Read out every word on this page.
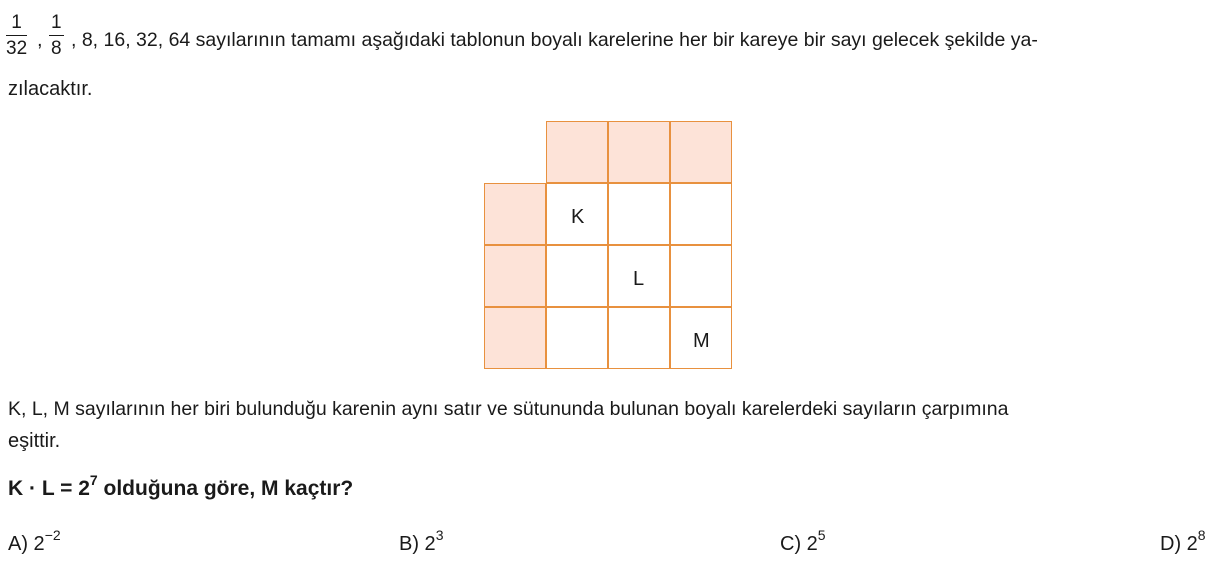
$\frac{1}{32}$ , $\frac{1}{8}$ , 8, 16, 32, 64 sayılarının tamamı aşağıdaki tablonun boyalı karelerine her bir kareye bir sayı gelecek şekilde ya-
zılacaktır.
K
L
M
K, L, M sayılarının her biri bulunduğu karenin aynı satır ve sütununda bulunan boyalı karelerdeki sayıların çarpımına
eşittir.
$K \cdot L = 2^7$ olduğuna göre, M kaçtır?
A) $2^{-2}$	B) $2^3$	C) $2^5$	D) $2^8$
